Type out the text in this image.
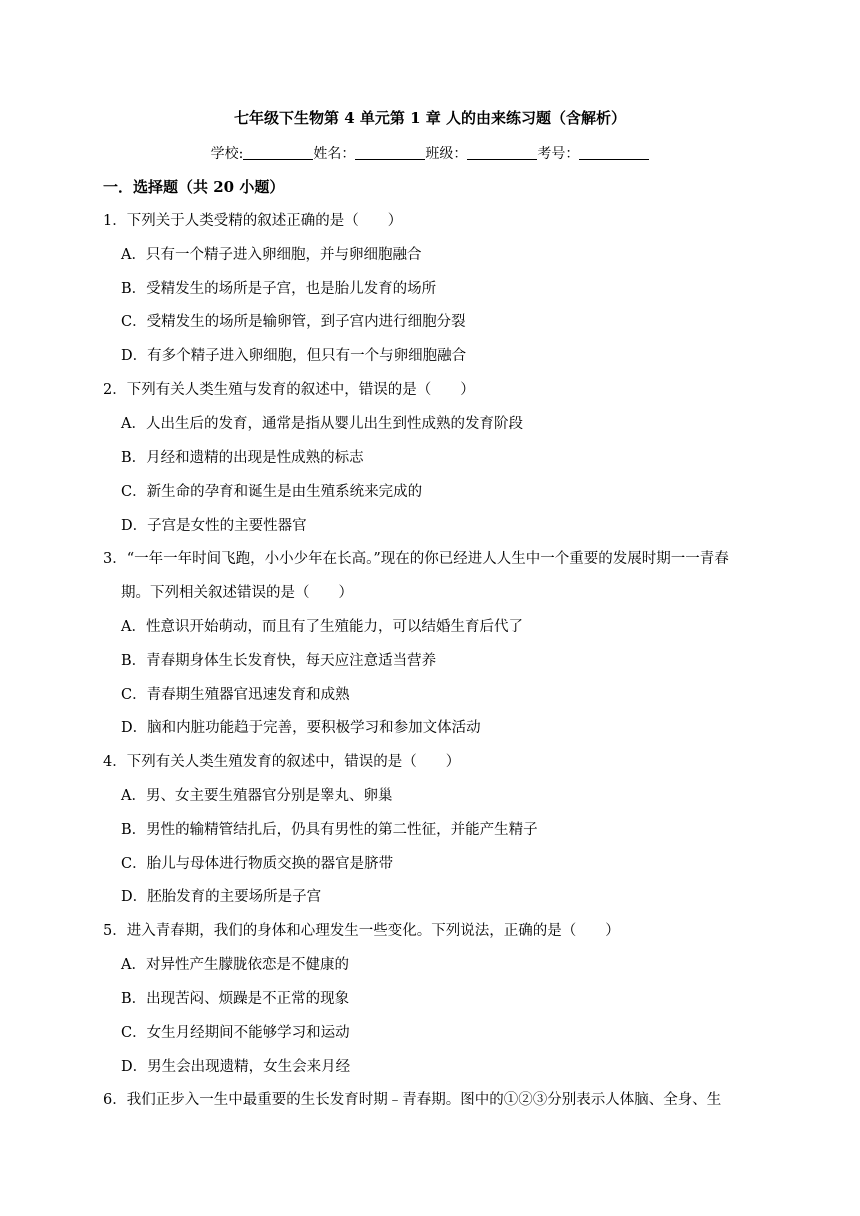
七年级下生物第 4 单元第 1 章 人的由来练习题（含解析）
学校:	姓名：	班级：	考号：
一．选择题（共 20 小题）
1．下列关于人类受精的叙述正确的是（　　）
A．只有一个精子进入卵细胞，并与卵细胞融合
B．受精发生的场所是子宫，也是胎儿发育的场所
C．受精发生的场所是输卵管，到子宫内进行细胞分裂
D．有多个精子进入卵细胞，但只有一个与卵细胞融合
2．下列有关人类生殖与发育的叙述中，错误的是（　　）
A．人出生后的发育，通常是指从婴儿出生到性成熟的发育阶段
B．月经和遗精的出现是性成熟的标志
C．新生命的孕育和诞生是由生殖系统来完成的
D．子宫是女性的主要性器官
3．“一年一年时间飞跑，小小少年在长高。”现在的你已经进人人生中一个重要的发展时期一一青春
期。下列相关叙述错误的是（　　）
A．性意识开始萌动，而且有了生殖能力，可以结婚生育后代了
B．青春期身体生长发育快，每天应注意适当营养
C．青春期生殖器官迅速发育和成熟
D．脑和内脏功能趋于完善，要积极学习和参加文体活动
4．下列有关人类生殖发育的叙述中，错误的是（　　）
A．男、女主要生殖器官分别是睾丸、卵巢
B．男性的输精管结扎后，仍具有男性的第二性征，并能产生精子
C．胎儿与母体进行物质交换的器官是脐带
D．胚胎发育的主要场所是子宫
5．进入青春期，我们的身体和心理发生一些变化。下列说法，正确的是（　　）
A．对异性产生朦胧依恋是不健康的
B．出现苦闷、烦躁是不正常的现象
C．女生月经期间不能够学习和运动
D．男生会出现遗精，女生会来月经
6．我们正步入一生中最重要的生长发育时期﹣青春期。图中的①②③分别表示人体脑、全身、生
